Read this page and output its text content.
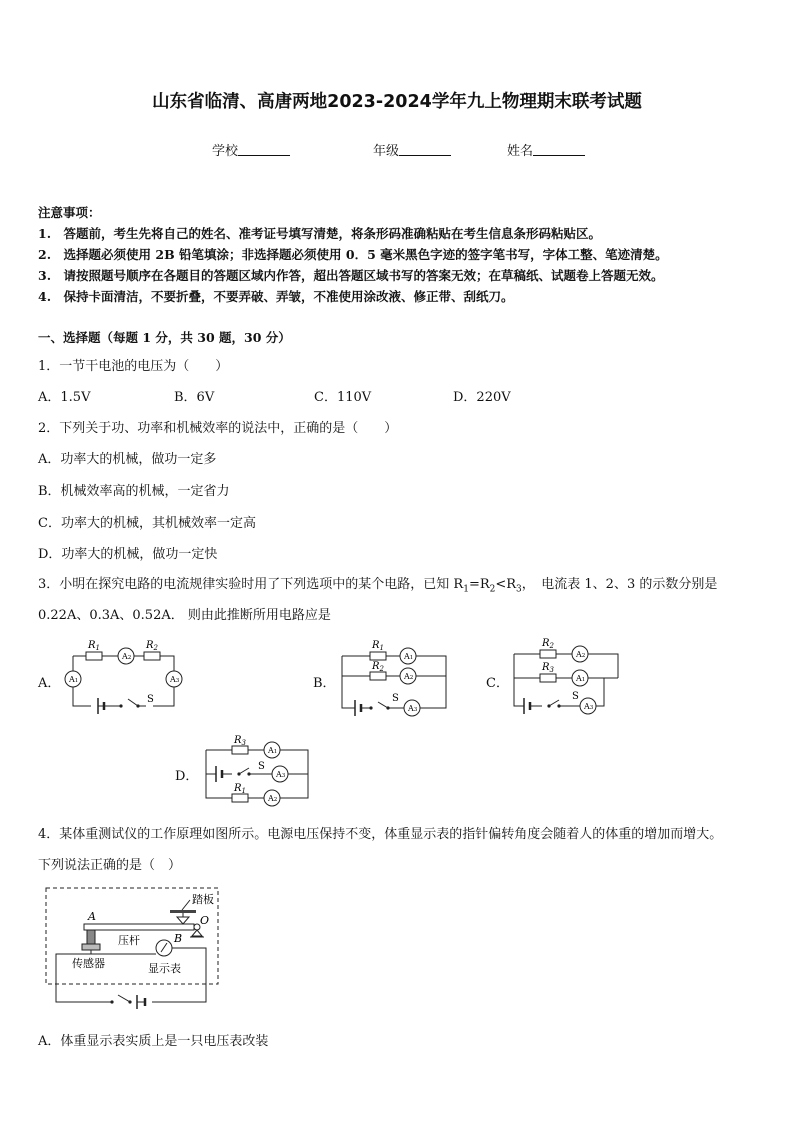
山东省临清、高唐两地2023-2024学年九上物理期末联考试题
学校	年级	姓名
注意事项：
1.　答题前，考生先将自己的姓名、准考证号填写清楚，将条形码准确粘贴在考生信息条形码粘贴区。
2.　选择题必须使用 2B 铅笔填涂；非选择题必须使用 0．5 毫米黑色字迹的签字笔书写，字体工整、笔迹清楚。
3.　请按照题号顺序在各题目的答题区域内作答，超出答题区域书写的答案无效；在草稿纸、试题卷上答题无效。
4.　保持卡面清洁，不要折叠，不要弄破、弄皱，不准使用涂改液、修正带、刮纸刀。
一、选择题（每题 1 分，共 30 题，30 分）
1．一节干电池的电压为（　　）
A．1.5V	B．6V	C．110V	D．220V
2．下列关于功、功率和机械效率的说法中，正确的是（　　）
A．功率大的机械，做功一定多
B．机械效率高的机械，一定省力
C．功率大的机械，其机械效率一定高
D．功率大的机械，做功一定快
3．小明在探究电路的电流规律实验时用了下列选项中的某个电路，已知 $R_1=R_2<R_3$，　电流表 1、2、3 的示数分别是
0.22A、0.3A、0.52A． 则由此推断所用电路应是
A．	B．	C．
D．
$R_1$	$R_2$
A2
A1	A3
S
$R_1$
$R_2$
A1
A2
A3
S
$R_2$
$R_3$
A2
A1
A3
S
$R_3$
$R_1$
A1
A3
A2
S
4．某体重测试仪的工作原理如图所示。电源电压保持不变，体重显示表的指针偏转角度会随着人的体重的增加而增大。
下列说法正确的是（　）
踏板
A
B
O
压杆
传感器	显示表
A．体重显示表实质上是一只电压表改装
